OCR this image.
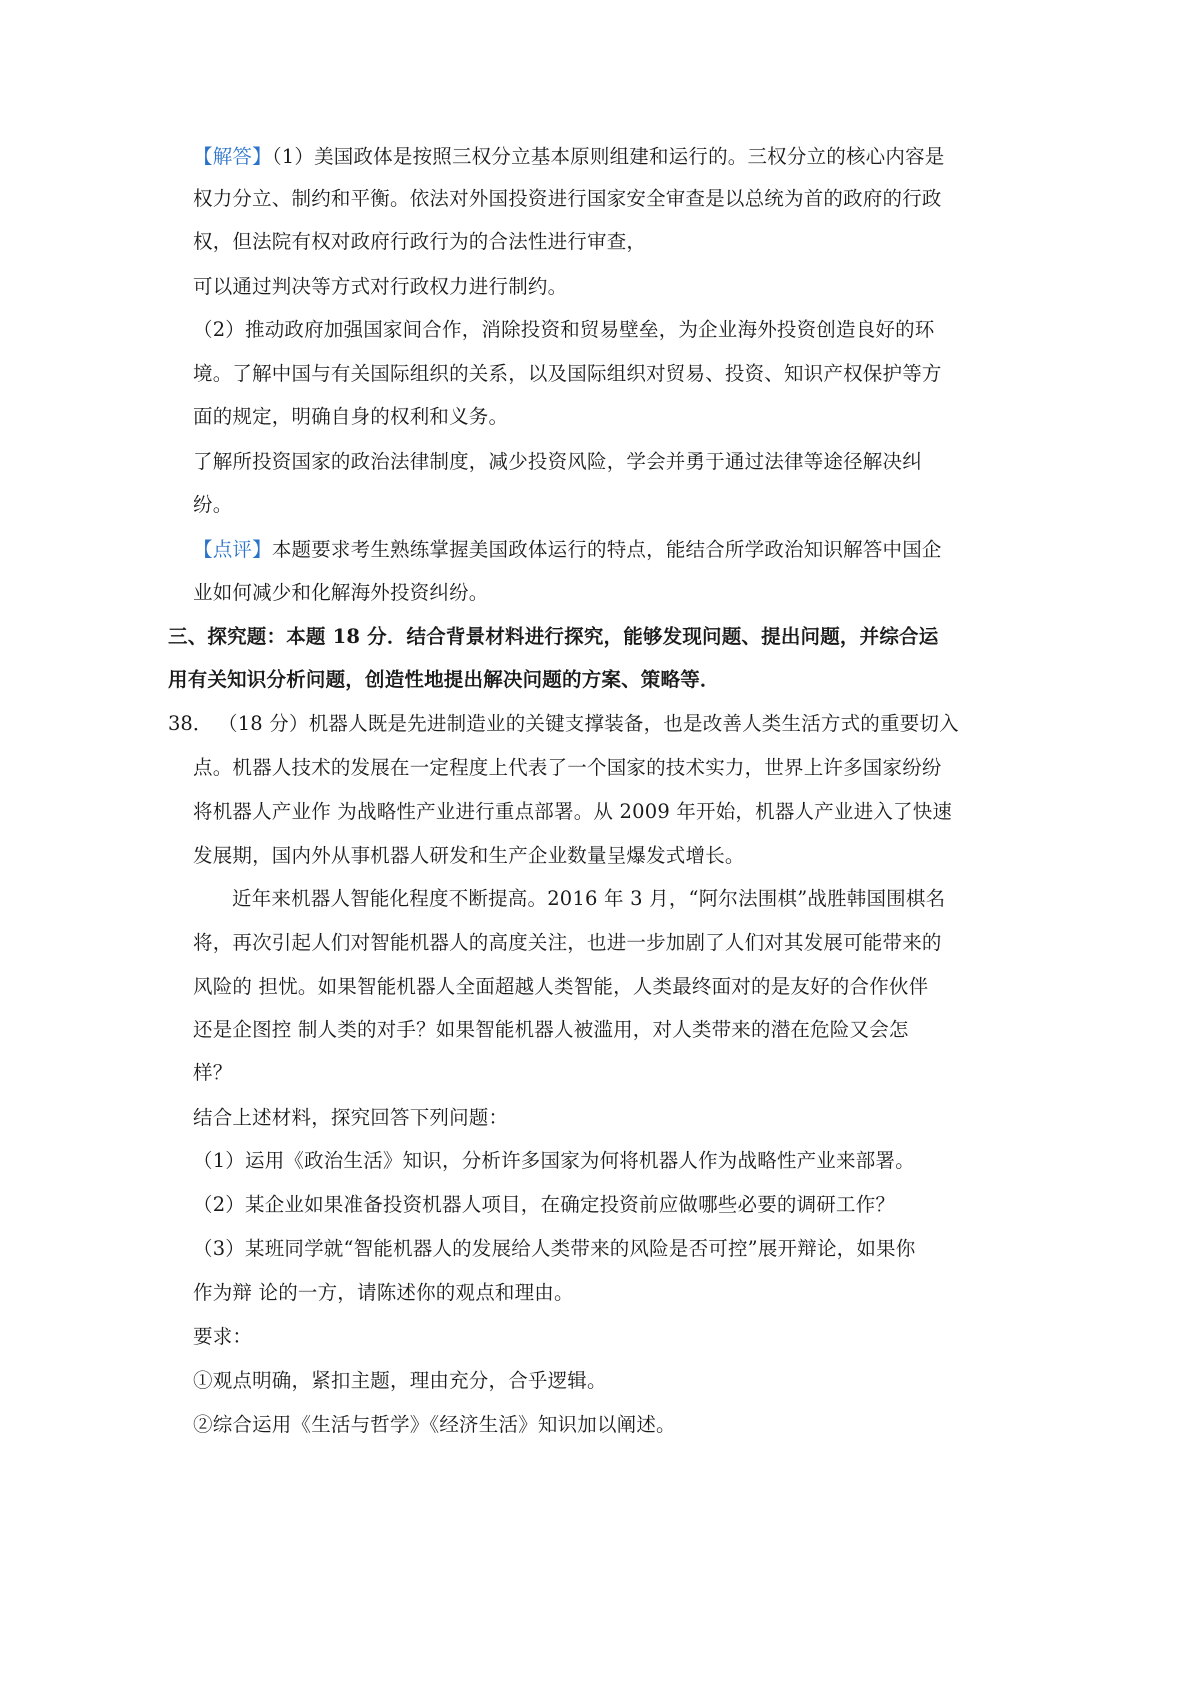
【解答】（1）美国政体是按照三权分立基本原则组建和运行的。三权分立的核心内容是
权力分立、制约和平衡。依法对外国投资进行国家安全审查是以总统为首的政府的行政
权，但法院有权对政府行政行为的合法性进行审查，
可以通过判决等方式对行政权力进行制约。
（2）推动政府加强国家间合作，消除投资和贸易壁垒，为企业海外投资创造良好的环
境。了解中国与有关国际组织的关系，以及国际组织对贸易、投资、知识产权保护等方
面的规定，明确自身的权利和义务。
了解所投资国家的政治法律制度，减少投资风险，学会并勇于通过法律等途径解决纠
纷。
【点评】本题要求考生熟练掌握美国政体运行的特点，能结合所学政治知识解答中国企
业如何减少和化解海外投资纠纷。
三、探究题：本题 18 分．结合背景材料进行探究，能够发现问题、提出问题，并综合运
用有关知识分析问题，创造性地提出解决问题的方案、策略等．
38． （18 分）机器人既是先进制造业的关键支撑装备，也是改善人类生活方式的重要切入
点。机器人技术的发展在一定程度上代表了一个国家的技术实力，世界上许多国家纷纷
将机器人产业作 为战略性产业进行重点部署。从 2009 年开始，机器人产业进入了快速
发展期，国内外从事机器人研发和生产企业数量呈爆发式增长。
近年来机器人智能化程度不断提高。2016 年 3 月，“阿尔法围棋”战胜韩国围棋名
将，再次引起人们对智能机器人的高度关注，也进一步加剧了人们对其发展可能带来的
风险的 担忧。如果智能机器人全面超越人类智能，人类最终面对的是友好的合作伙伴
还是企图控 制人类的对手？如果智能机器人被滥用，对人类带来的潜在危险又会怎
样？
结合上述材料，探究回答下列问题：
（1）运用《政治生活》知识，分析许多国家为何将机器人作为战略性产业来部署。
（2）某企业如果准备投资机器人项目，在确定投资前应做哪些必要的调研工作？
（3）某班同学就“智能机器人的发展给人类带来的风险是否可控”展开辩论，如果你
作为辩 论的一方，请陈述你的观点和理由。
要求：
①观点明确，紧扣主题，理由充分，合乎逻辑。
②综合运用《生活与哲学》《经济生活》知识加以阐述。
